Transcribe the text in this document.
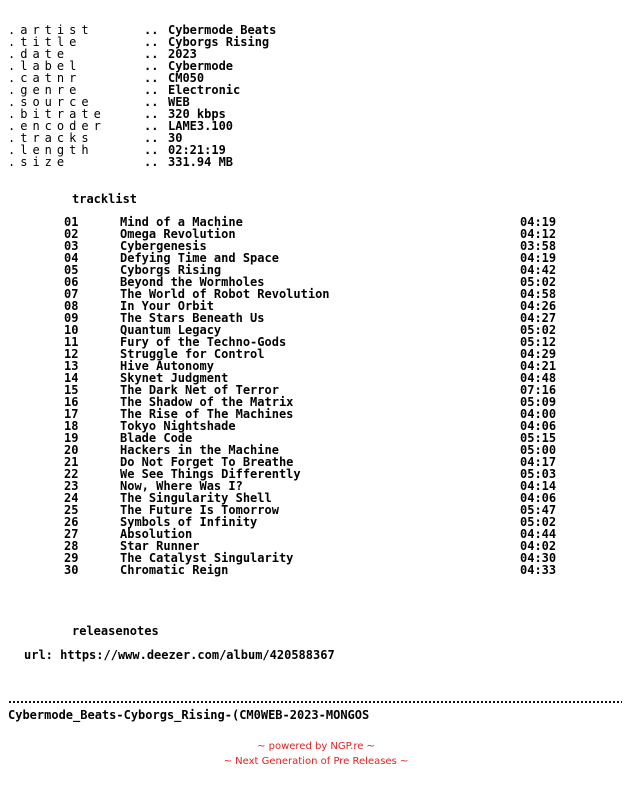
.artist	.. Cybermode Beats
.title	.. Cyborgs Rising
.date	.. 2023
.label	.. Cybermode
.catnr	.. CM050
.genre	.. Electronic
.source	.. WEB
.bitrate	.. 320 kbps
.encoder	.. LAME3.100
.tracks	.. 30
.length	.. 02:21:19
.size	.. 331.94 MB
tracklist
01	Mind of a Machine	04:19
02	Omega Revolution	04:12
03	Cybergenesis	03:58
04	Defying Time and Space	04:19
05	Cyborgs Rising	04:42
06	Beyond the Wormholes	05:02
07	The World of Robot Revolution	04:58
08	In Your Orbit	04:26
09	The Stars Beneath Us	04:27
10	Quantum Legacy	05:02
11	Fury of the Techno-Gods	05:12
12	Struggle for Control	04:29
13	Hive Autonomy	04:21
14	Skynet Judgment	04:48
15	The Dark Net of Terror	07:16
16	The Shadow of the Matrix	05:09
17	The Rise of The Machines	04:00
18	Tokyo Nightshade	04:06
19	Blade Code	05:15
20	Hackers in the Machine	05:00
21	Do Not Forget To Breathe	04:17
22	We See Things Differently	05:03
23	Now, Where Was I?	04:14
24	The Singularity Shell	04:06
25	The Future Is Tomorrow	05:47
26	Symbols of Infinity	05:02
27	Absolution	04:44
28	Star Runner	04:02
29	The Catalyst Singularity	04:30
30	Chromatic Reign	04:33
releasenotes
url: https://www.deezer.com/album/420588367
Cybermode_Beats-Cyborgs_Rising-(CM0WEB-2023-MONGOS
~ powered by NGP.re ~
~ Next Generation of Pre Releases ~
